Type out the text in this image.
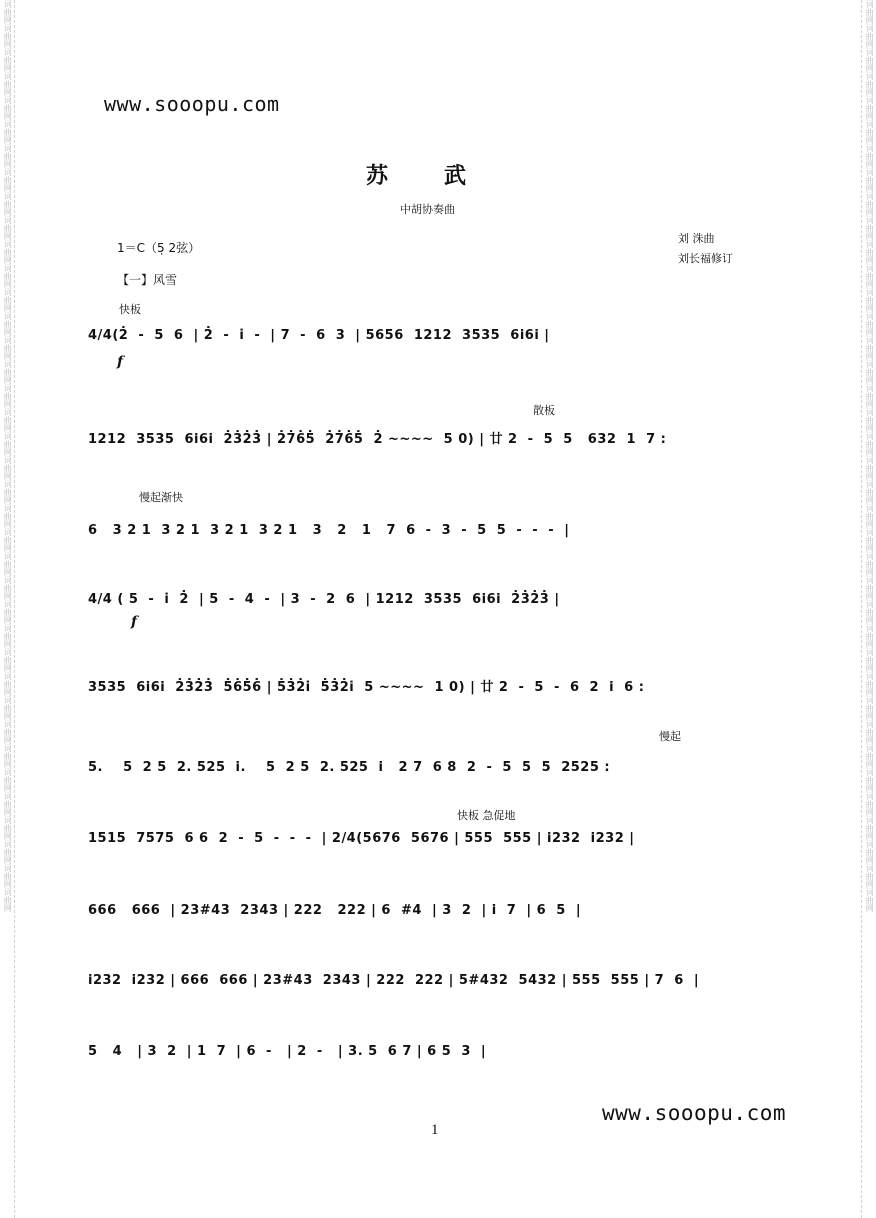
词曲网词曲网词曲网词曲网词曲网词曲网词曲网词曲网词曲网词曲网词曲网词曲网词曲网词曲网词曲网词曲网词曲网词曲网词曲网词曲网词曲网词曲网词曲网词曲网词曲网词曲网词曲网词曲网词曲网词曲网词曲网词曲网词曲网词曲网词曲网词曲网词曲网词曲网	词曲网词曲网词曲网词曲网词曲网词曲网词曲网词曲网词曲网词曲网词曲网词曲网词曲网词曲网词曲网词曲网词曲网词曲网词曲网词曲网词曲网词曲网词曲网词曲网词曲网词曲网词曲网词曲网词曲网词曲网词曲网词曲网词曲网词曲网词曲网词曲网词曲网词曲网
www.sooopu.com
苏武
中胡协奏曲
1＝C（5̣ 2弦）
【一】风雪
刘 洙曲
刘长福修订
快板
散板
慢起渐快
慢起
快板 急促地
f
f
4/4(2̇  -  5  6  | 2̇  -  i̇  -  | 7  -  6  3  | 5656  1212  3535  6i6i |
1212  3535  6i6i  2̇3̇2̇3̇ | 2̇7̇6̇5̇  2̇7̇6̇5̇  2̇ ~~~~  5 0) | 廿 2  -  5  5   632  1  7 :
6   3 2 1  3 2 1  3 2 1  3 2 1   3   2   1   7  6  -  3  -  5  5  -  -  -  |
4/4 ( 5  -  i̇  2̇  | 5  -  4  -  | 3  -  2  6  | 1212  3535  6i6i  2̇3̇2̇3̇ |
3535  6i6i  2̇3̇2̇3̇  5̇6̇5̇6̇ | 5̇3̇2̇i̇  5̇3̇2̇i̇  5 ~~~~  1 0) | 廿 2  -  5  -  6  2  i  6 :
5.    5  2 5  2. 525  i.    5  2 5  2. 525  i   2 7  6 8  2  -  5  5  5  2525 :
1515  7575  6 6  2  -  5  -  -  -  | 2/4(5676  5676 | 555  555 | i232  i232 |
666   666  | 23#43  2343 | 222   222 | 6  #4  | 3  2  | i  7  | 6  5  |
i232  i232 | 666  666 | 23#43  2343 | 222  222 | 5#432  5432 | 555  555 | 7  6  |
5   4   | 3  2  | 1  7  | 6  -   | 2  -   | 3. 5  6 7 | 6 5  3  |
1
www.sooopu.com
